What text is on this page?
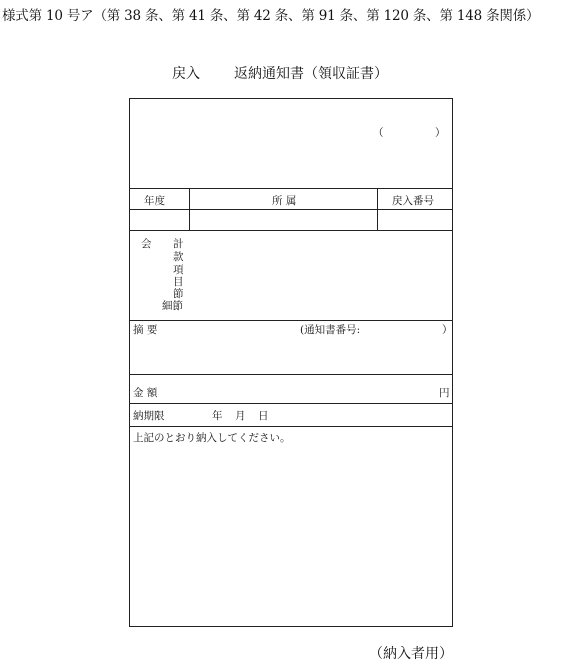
様式第 10 号ア（第 38 条、第 41 条、第 42 条、第 91 条、第 120 条、第 148 条関係）
戻入 返納通知書（領収証書）
（	）
年度	所 属	戻入番号
会 計
款
項
目
節
細節
摘 要	(通知書番号:	）
金 額	円
納期限	年 月 日
上記のとおり納入してください。
（納入者用）
